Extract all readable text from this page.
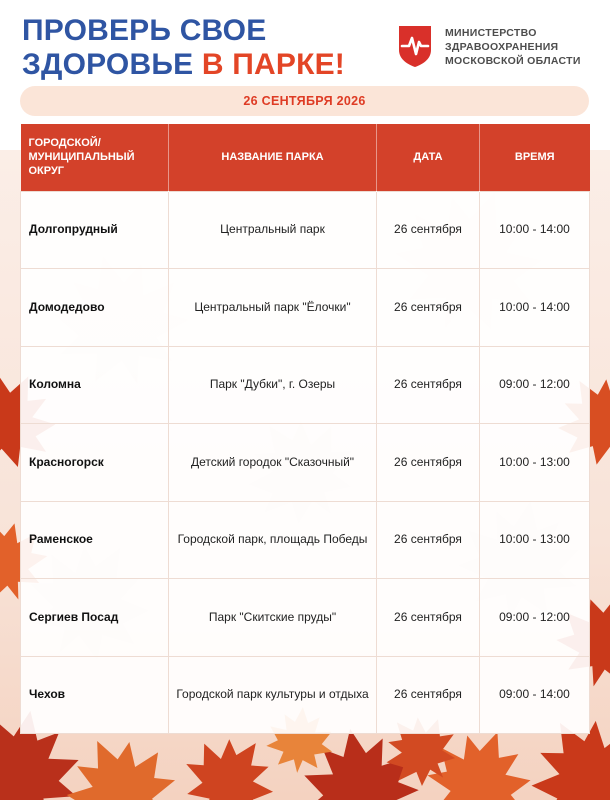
ПРОВЕРЬ СВОЕ
ЗДОРОВЬЕ В ПАРКЕ!
МИНИСТЕРСТВО
ЗДРАВООХРАНЕНИЯ
МОСКОВСКОЙ ОБЛАСТИ
26 СЕНТЯБРЯ 2026
ГОРОДСКОЙ/
МУНИЦИПАЛЬНЫЙ
ОКРУГ	НАЗВАНИЕ ПАРКА	ДАТА	ВРЕМЯ
Долгопрудный	Центральный парк	26 сентября	10:00 - 14:00
Домодедово	Центральный парк "Ёлочки"	26 сентября	10:00 - 14:00
Коломна	Парк "Дубки", г. Озеры	26 сентября	09:00 - 12:00
Красногорск	Детский городок "Сказочный"	26 сентября	10:00 - 13:00
Раменское	Городской парк, площадь Победы	26 сентября	10:00 - 13:00
Сергиев Посад	Парк "Скитские пруды"	26 сентября	09:00 - 12:00
Чехов	Городской парк культуры и отдыха	26 сентября	09:00 - 14:00
